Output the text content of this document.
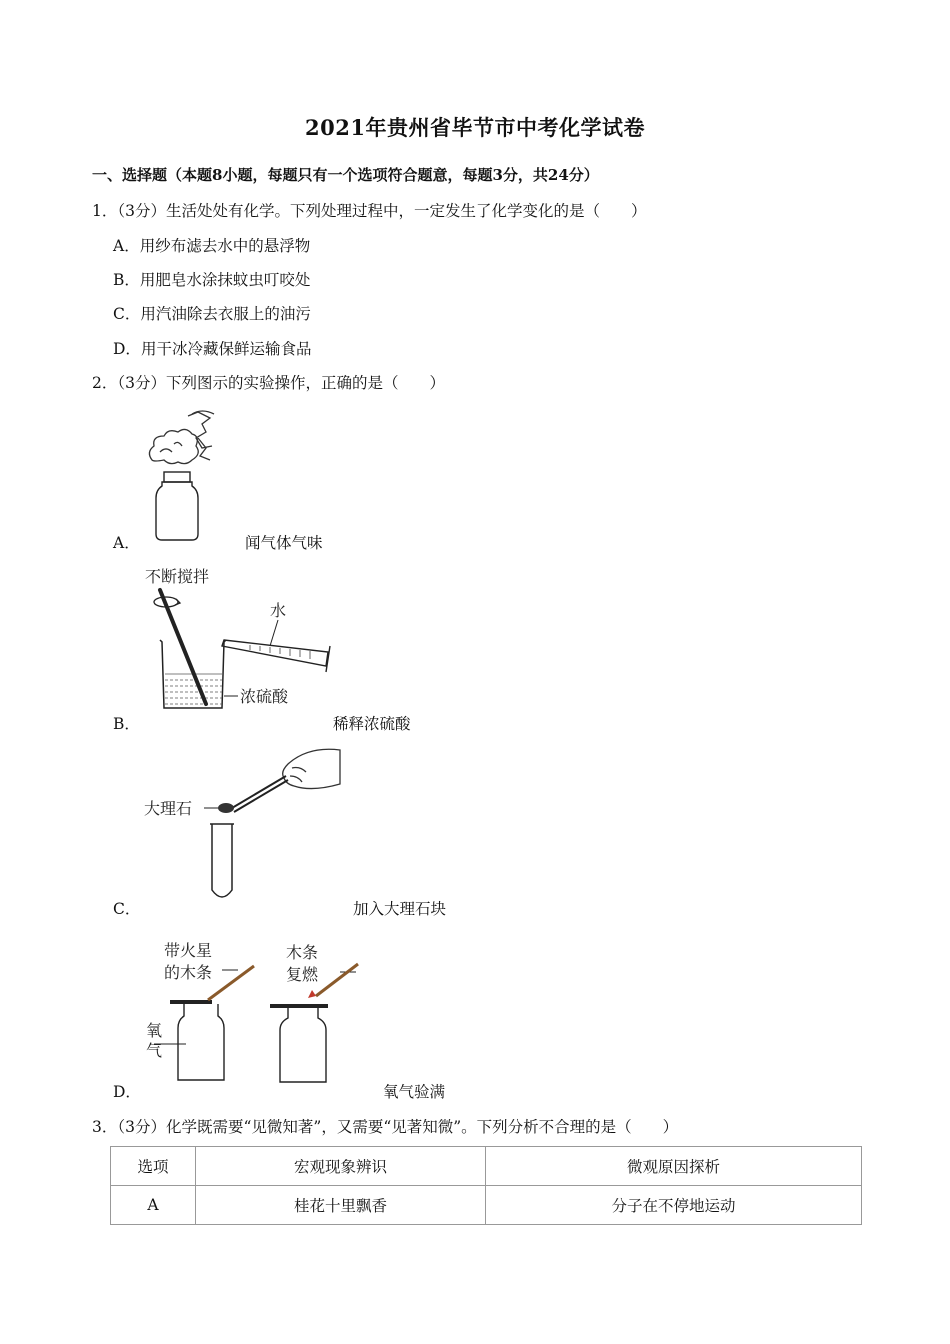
2021年贵州省毕节市中考化学试卷
一、选择题（本题8小题，每题只有一个选项符合题意，每题3分，共24分）
1．（3分）生活处处有化学。下列处理过程中，一定发生了化学变化的是（　　）
A．用纱布滤去水中的悬浮物
B．用肥皂水涂抹蚊虫叮咬处
C．用汽油除去衣服上的油污
D．用干冰冷藏保鲜运输食品
2．（3分）下列图示的实验操作，正确的是（　　）
A．	闻气体气味
不断搅拌
水
浓硫酸
B．	稀释浓硫酸
大理石
C．	加入大理石块
带火星
的木条
木条
复燃
氧
气
D．	氧气验满
3．（3分）化学既需要“见微知著”，又需要“见著知微”。下列分析不合理的是（　　）
选项	宏观现象辨识	微观原因探析
A	桂花十里飘香	分子在不停地运动
